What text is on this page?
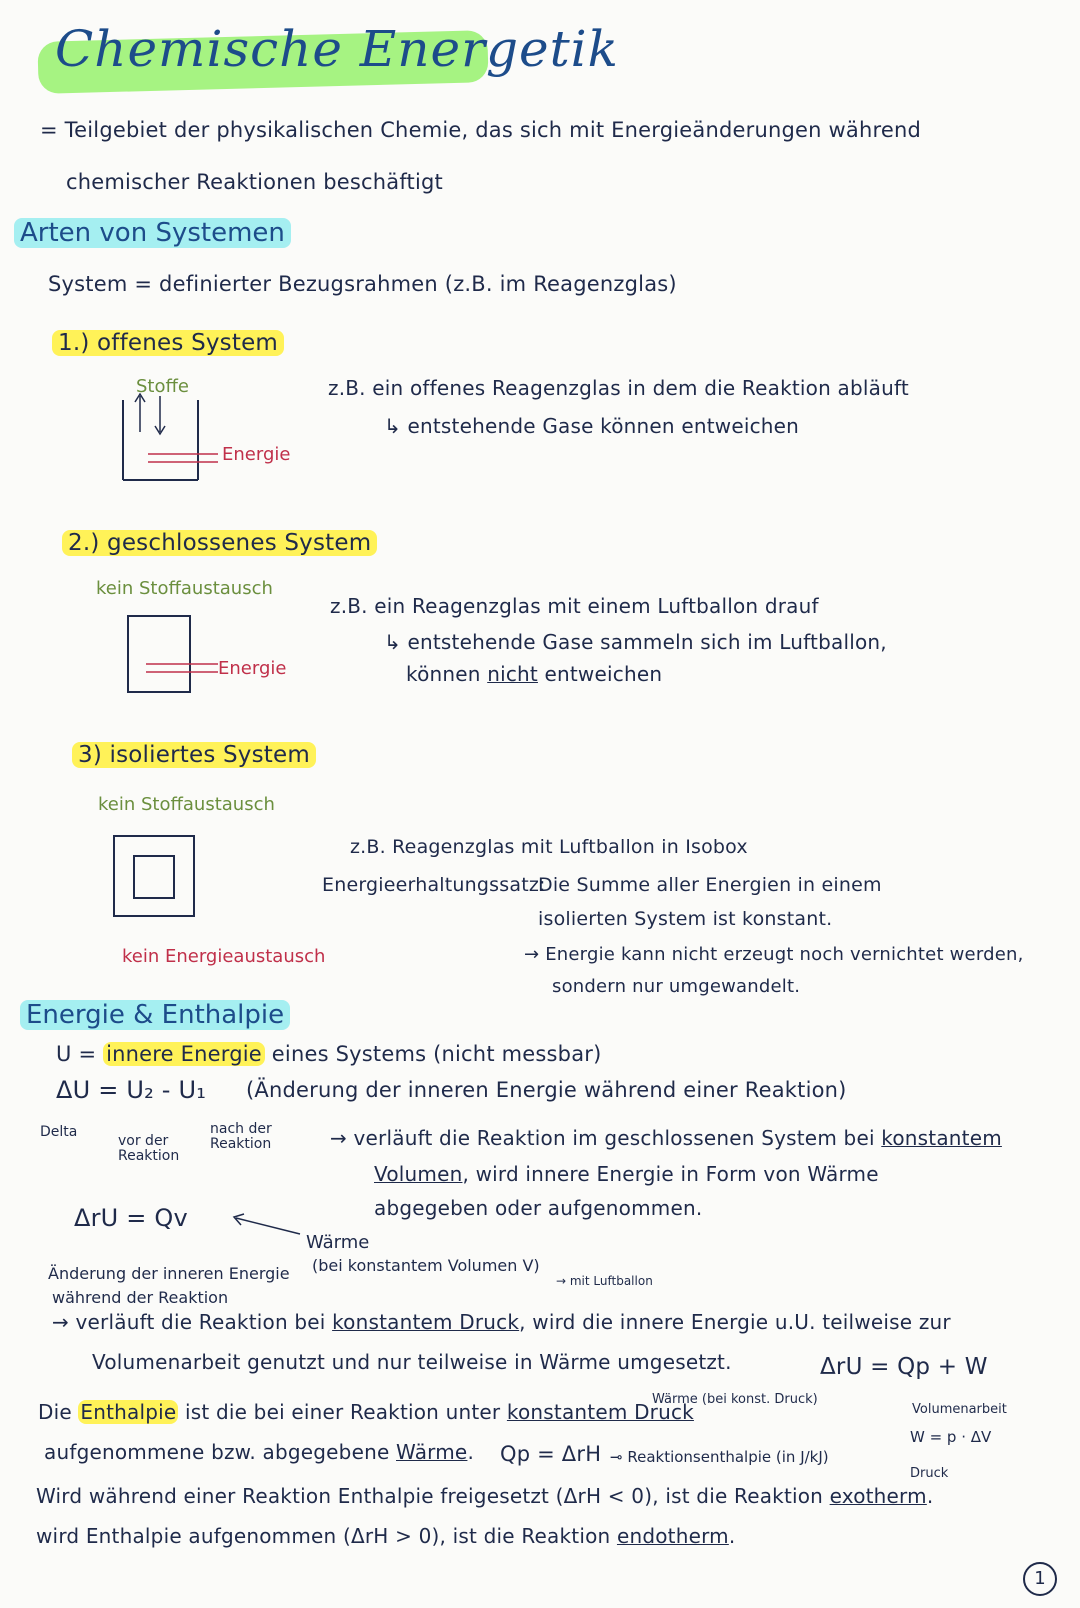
Chemische Energetik
= Teilgebiet der physikalischen Chemie, das sich mit Energieänderungen während
chemischer Reaktionen beschäftigt
Arten von Systemen
System = definierter Bezugsrahmen (z.B. im Reagenzglas)
1.) offenes System
Stoffe
Energie
z.B. ein offenes Reagenzglas in dem die Reaktion abläuft
↳ entstehende Gase können entweichen
2.) geschlossenes System
kein Stoffaustausch
Energie
z.B. ein Reagenzglas mit einem Luftballon drauf
↳ entstehende Gase sammeln sich im Luftballon,
können nicht entweichen
3) isoliertes System
kein Stoffaustausch
kein Energieaustausch
z.B. Reagenzglas mit Luftballon in Isobox
Energieerhaltungssatz:
Die Summe aller Energien in einem
isolierten System ist konstant.
→ Energie kann nicht erzeugt noch vernichtet werden,
sondern nur umgewandelt.
Energie & Enthalpie
U = innere Energie eines Systems (nicht messbar)
ΔU = U₂ - U₁ (Änderung der inneren Energie während einer Reaktion)
Delta
vor der Reaktion
nach der Reaktion	→ verläuft die Reaktion im geschlossenen System bei konstantem
Volumen, wird innere Energie in Form von Wärme
abgegeben oder aufgenommen.
ΔrU = Qv
Wärme
(bei konstantem Volumen V)
Änderung der inneren Energie
während der Reaktion
→ mit Luftballon
→ verläuft die Reaktion bei konstantem Druck, wird die innere Energie u.U. teilweise zur
Volumenarbeit genutzt und nur teilweise in Wärme umgesetzt.	ΔrU = Qp + W
Wärme (bei konst. Druck)
Volumenarbeit
W = p · ΔV
Druck
Die Enthalpie ist die bei einer Reaktion unter konstantem Druck
aufgenommene bzw. abgegebene Wärme. Qp = ΔrH ⊸ Reaktionsenthalpie (in J/kJ)
Wird während einer Reaktion Enthalpie freigesetzt (ΔrH < 0), ist die Reaktion exotherm.
wird Enthalpie aufgenommen (ΔrH > 0), ist die Reaktion endotherm.
1
